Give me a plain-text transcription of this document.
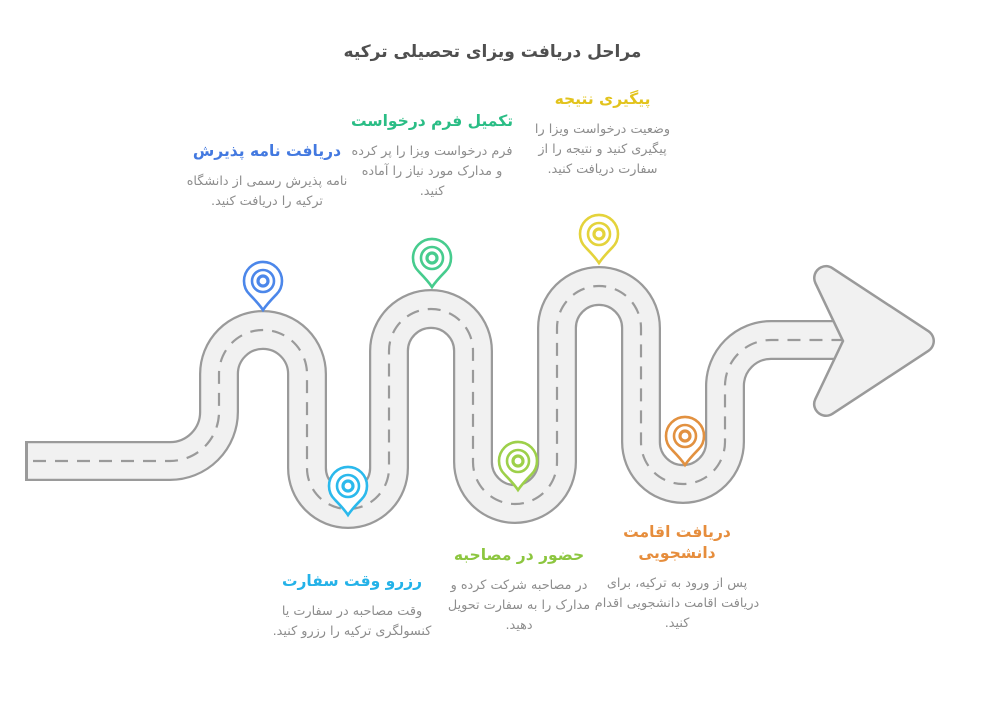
مراحل دریافت ویزای تحصیلی ترکیه
دریافت نامه پذیرش
نامه پذیرش رسمی از دانشگاه ترکیه را دریافت کنید.
تکمیل فرم درخواست
فرم درخواست ویزا را پر کرده و مدارک مورد نیاز را آماده کنید.
پیگیری نتیجه
وضعیت درخواست ویزا را پیگیری کنید و نتیجه را از سفارت دریافت کنید.
رزرو وقت سفارت
وقت مصاحبه در سفارت یا کنسولگری ترکیه را رزرو کنید.
حضور در مصاحبه
در مصاحبه شرکت کرده و مدارک را به سفارت تحویل دهید.
دریافت اقامت دانشجویی
پس از ورود به ترکیه، برای دریافت اقامت دانشجویی اقدام کنید.
